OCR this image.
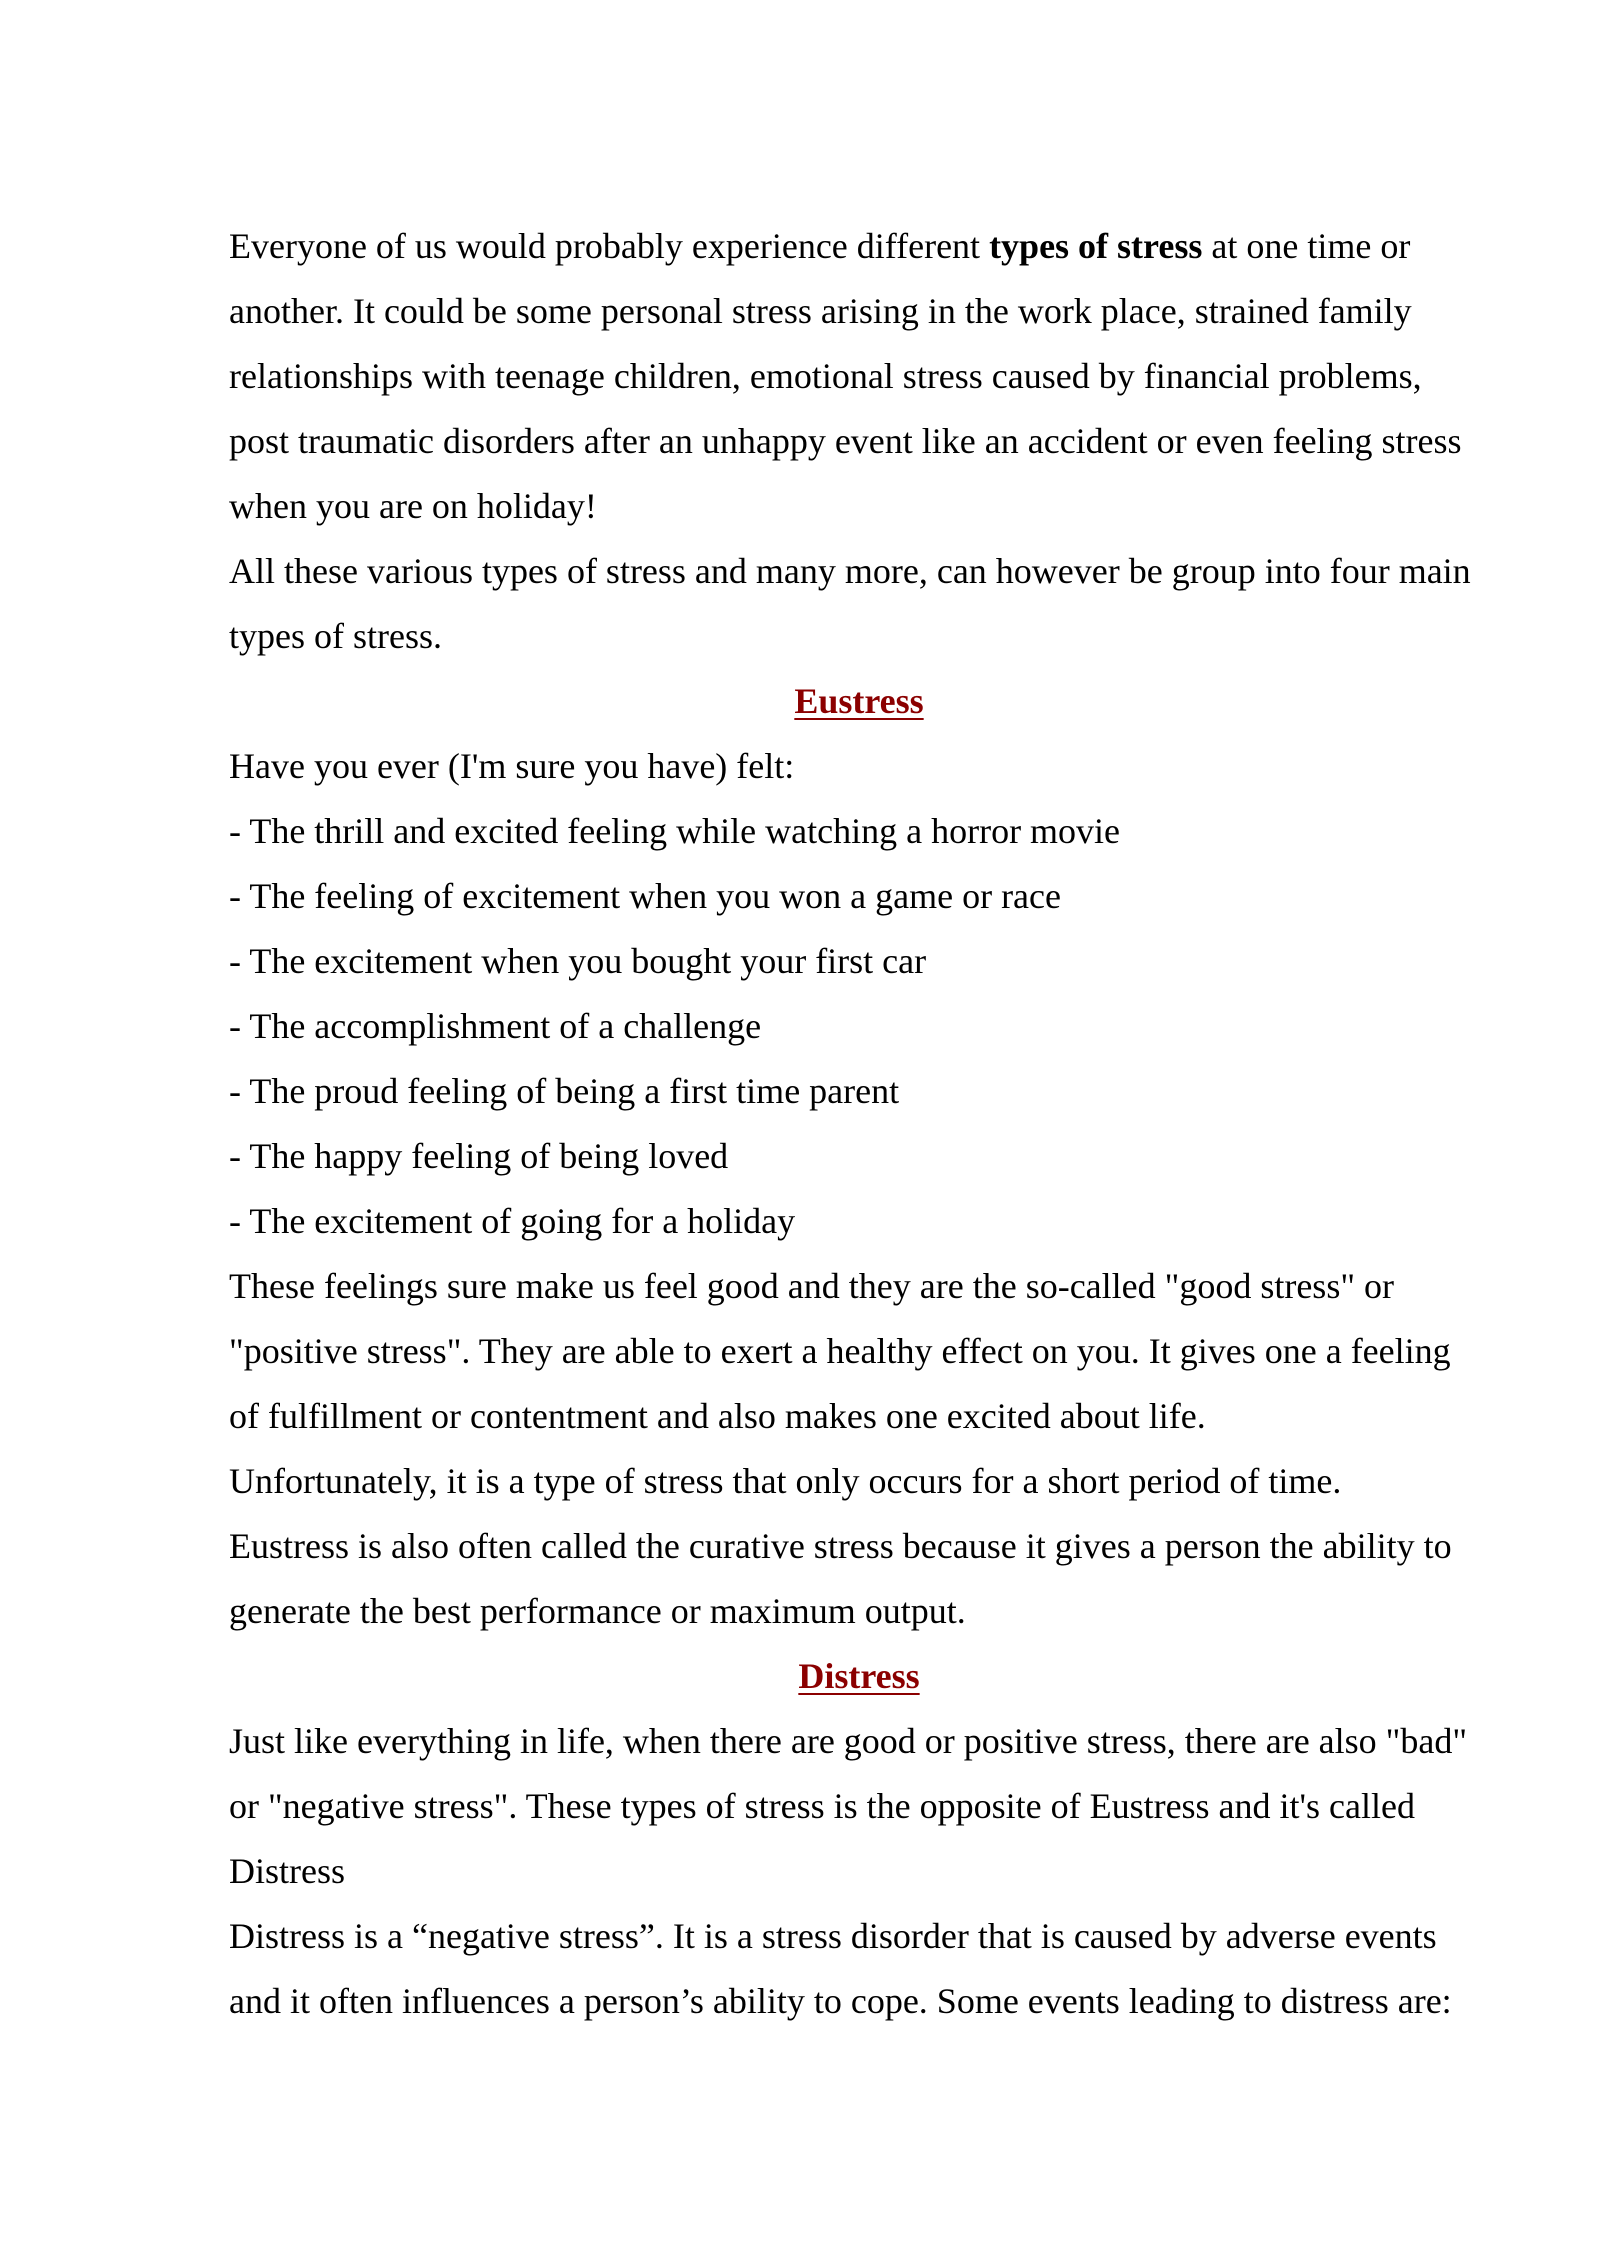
Everyone of us would probably experience different types of stress at one time or another. It could be some personal stress arising in the work place, strained family relationships with teenage children, emotional stress caused by financial problems, post traumatic disorders after an unhappy event like an accident or even feeling stress when you are on holiday!

All these various types of stress and many more, can however be group into four main types of stress.

Eustress

Have you ever (I'm sure you have) felt:

- The thrill and excited feeling while watching a horror movie
- The feeling of excitement when you won a game or race
- The excitement when you bought your first car
- The accomplishment of a challenge
- The proud feeling of being a first time parent
- The happy feeling of being loved
- The excitement of going for a holiday

These feelings sure make us feel good and they are the so-called "good stress" or "positive stress". They are able to exert a healthy effect on you. It gives one a feeling of fulfillment or contentment and also makes one excited about life.

Unfortunately, it is a type of stress that only occurs for a short period of time.

Eustress is also often called the curative stress because it gives a person the ability to generate the best performance or maximum output.

Distress

Just like everything in life, when there are good or positive stress, there are also "bad" or "negative stress". These types of stress is the opposite of Eustress and it's called Distress

Distress is a “negative stress”. It is a stress disorder that is caused by adverse events and it often influences a person’s ability to cope. Some events leading to distress are:
